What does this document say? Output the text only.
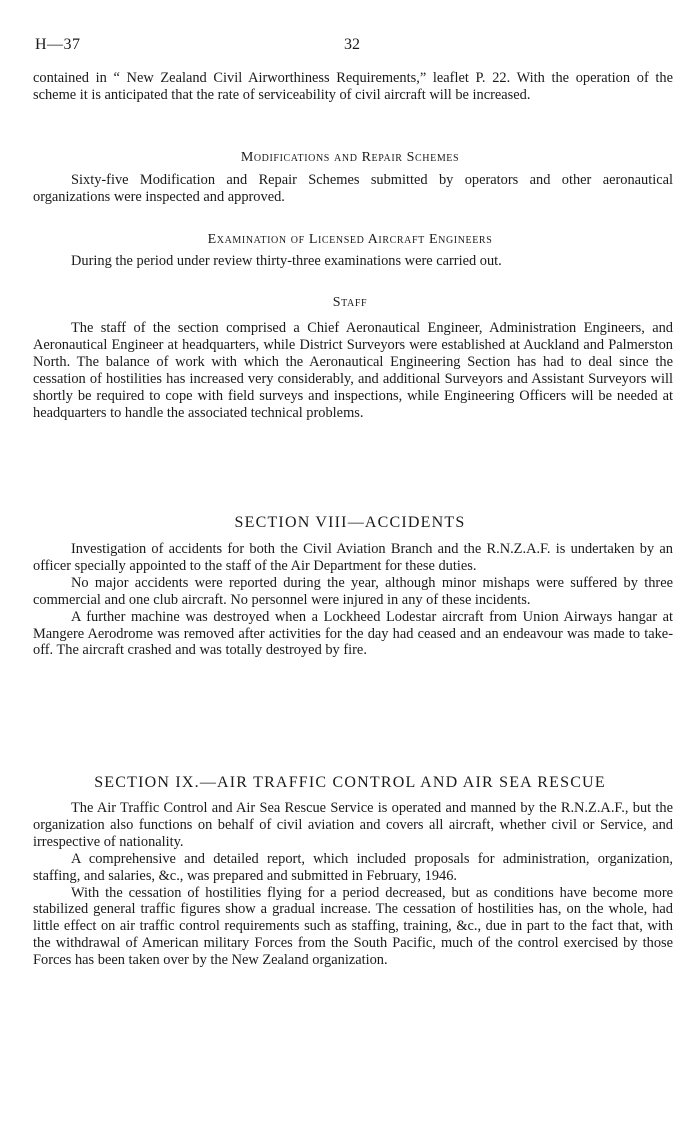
H—37	32

contained in “ New Zealand Civil Airworthiness Requirements,” leaflet P. 22. With the operation of the scheme it is anticipated that the rate of serviceability of civil aircraft will be increased.

Modifications and Repair Schemes

Sixty-five Modification and Repair Schemes submitted by operators and other aeronautical organizations were inspected and approved.

Examination of Licensed Aircraft Engineers

During the period under review thirty-three examinations were carried out.

Staff

The staff of the section comprised a Chief Aeronautical Engineer, Administration Engineers, and Aeronautical Engineer at headquarters, while District Surveyors were established at Auckland and Palmerston North. The balance of work with which the Aeronautical Engineering Section has had to deal since the cessation of hostilities has increased very considerably, and additional Surveyors and Assistant Surveyors will shortly be required to cope with field surveys and inspections, while Engineering Officers will be needed at headquarters to handle the associated technical problems.

SECTION VIII—ACCIDENTS

Investigation of accidents for both the Civil Aviation Branch and the R.N.Z.A.F. is undertaken by an officer specially appointed to the staff of the Air Department for these duties.

No major accidents were reported during the year, although minor mishaps were suffered by three commercial and one club aircraft. No personnel were injured in any of these incidents.

A further machine was destroyed when a Lockheed Lodestar aircraft from Union Airways hangar at Mangere Aerodrome was removed after activities for the day had ceased and an endeavour was made to take-off. The aircraft crashed and was totally destroyed by fire.

SECTION IX.—AIR TRAFFIC CONTROL AND AIR SEA RESCUE

The Air Traffic Control and Air Sea Rescue Service is operated and manned by the R.N.Z.A.F., but the organization also functions on behalf of civil aviation and covers all aircraft, whether civil or Service, and irrespective of nationality.

A comprehensive and detailed report, which included proposals for administration, organization, staffing, and salaries, &c., was prepared and submitted in February, 1946.

With the cessation of hostilities flying for a period decreased, but as conditions have become more stabilized general traffic figures show a gradual increase. The cessation of hostilities has, on the whole, had little effect on air traffic control requirements such as staffing, training, &c., due in part to the fact that, with the withdrawal of American military Forces from the South Pacific, much of the control exercised by those Forces has been taken over by the New Zealand organization.
